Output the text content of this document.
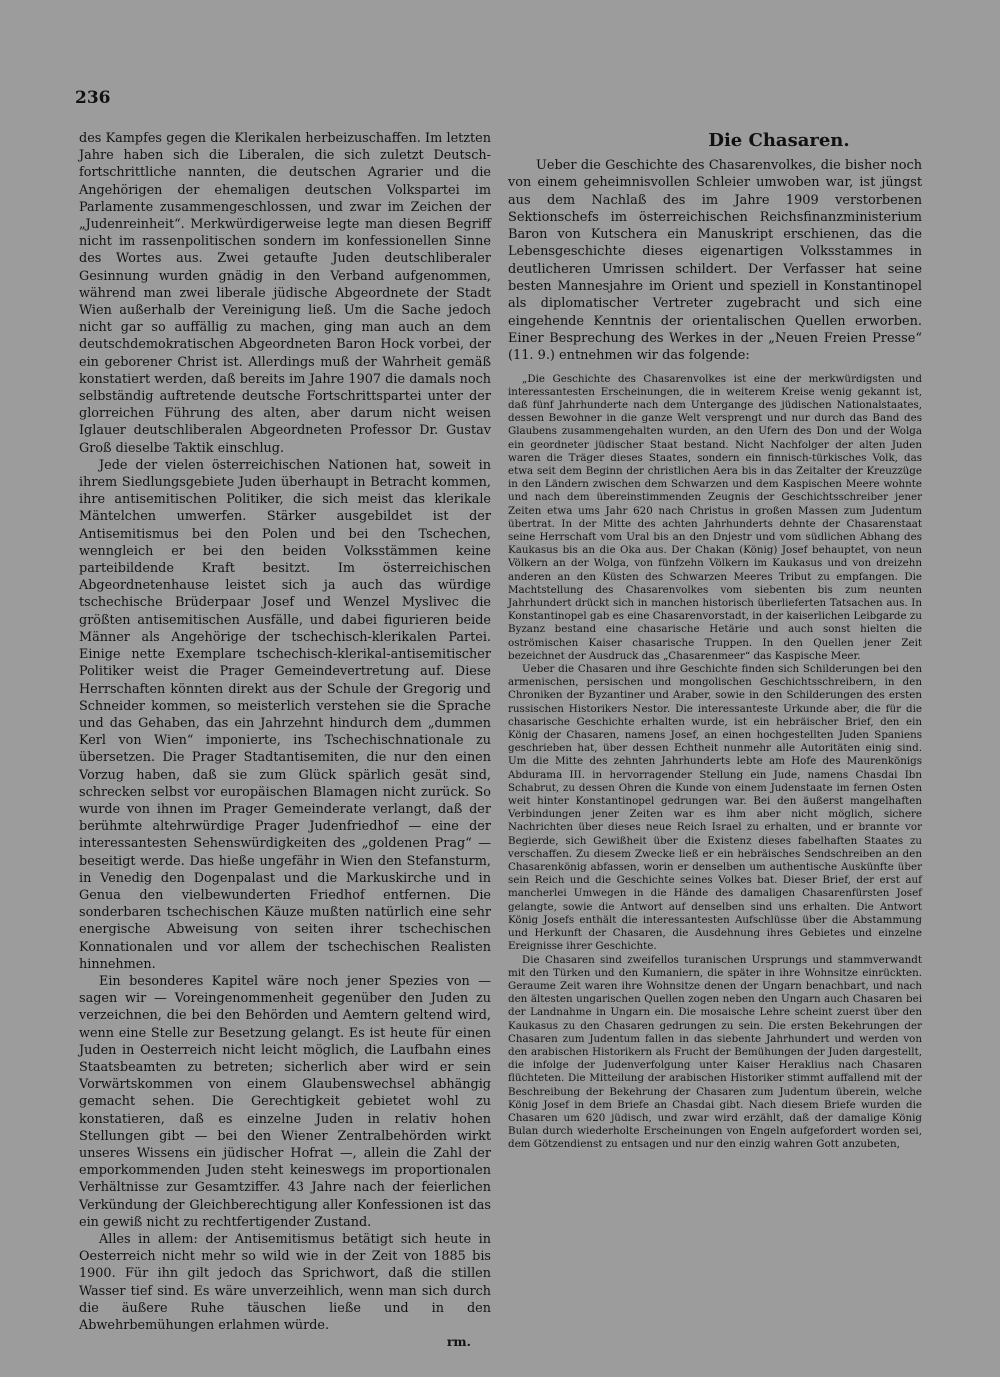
236

des Kampfes gegen die Klerikalen herbeizuschaffen. Im letzten Jahre haben sich die Liberalen, die sich zuletzt Deutsch-fortschrittliche nannten, die deutschen Agrarier und die Angehörigen der ehemaligen deutschen Volkspartei im Parlamente zusammengeschlossen, und zwar im Zeichen der „Judenreinheit“. Merkwürdigerweise legte man diesen Begriff nicht im rassenpolitischen sondern im konfessionellen Sinne des Wortes aus. Zwei getaufte Juden deutschliberaler Gesinnung wurden gnädig in den Verband aufgenommen, während man zwei liberale jüdische Abgeordnete der Stadt Wien außerhalb der Vereinigung ließ. Um die Sache jedoch nicht gar so auffällig zu machen, ging man auch an dem deutschdemokratischen Abgeordneten Baron Hock vorbei, der ein geborener Christ ist. Allerdings muß der Wahrheit gemäß konstatiert werden, daß bereits im Jahre 1907 die damals noch selbständig auftretende deutsche Fortschrittspartei unter der glorreichen Führung des alten, aber darum nicht weisen Iglauer deutschliberalen Abgeordneten Professor Dr. Gustav Groß dieselbe Taktik einschlug.

Jede der vielen österreichischen Nationen hat, soweit in ihrem Siedlungsgebiete Juden überhaupt in Betracht kommen, ihre antisemitischen Politiker, die sich meist das klerikale Mäntelchen umwerfen. Stärker ausgebildet ist der Antisemitismus bei den Polen und bei den Tschechen, wenngleich er bei den beiden Volksstämmen keine parteibildende Kraft besitzt. Im österreichischen Abgeordnetenhause leistet sich ja auch das würdige tschechische Brüderpaar Josef und Wenzel Myslivec die größten antisemitischen Ausfälle, und dabei figurieren beide Männer als Angehörige der tschechisch-klerikalen Partei. Einige nette Exemplare tschechisch-klerikal-antisemitischer Politiker weist die Prager Gemeindevertretung auf. Diese Herrschaften könnten direkt aus der Schule der Gregorig und Schneider kommen, so meisterlich verstehen sie die Sprache und das Gehaben, das ein Jahrzehnt hindurch dem „dummen Kerl von Wien“ imponierte, ins Tschechischnationale zu übersetzen. Die Prager Stadtantisemiten, die nur den einen Vorzug haben, daß sie zum Glück spärlich gesät sind, schrecken selbst vor europäischen Blamagen nicht zurück. So wurde von ihnen im Prager Gemeinderate verlangt, daß der berühmte altehrwürdige Prager Judenfriedhof — eine der interessantesten Sehenswürdigkeiten des „goldenen Prag“ — beseitigt werde. Das hieße ungefähr in Wien den Stefansturm, in Venedig den Dogenpalast und die Markuskirche und in Genua den vielbewunderten Friedhof entfernen. Die sonderbaren tschechischen Käuze mußten natürlich eine sehr energische Abweisung von seiten ihrer tschechischen Konnationalen und vor allem der tschechischen Realisten hinnehmen.

Ein besonderes Kapitel wäre noch jener Spezies von — sagen wir — Voreingenommenheit gegenüber den Juden zu verzeichnen, die bei den Behörden und Aemtern geltend wird, wenn eine Stelle zur Besetzung gelangt. Es ist heute für einen Juden in Oesterreich nicht leicht möglich, die Laufbahn eines Staatsbeamten zu betreten; sicherlich aber wird er sein Vorwärtskommen von einem Glaubenswechsel abhängig gemacht sehen. Die Gerechtigkeit gebietet wohl zu konstatieren, daß es einzelne Juden in relativ hohen Stellungen gibt — bei den Wiener Zentralbehörden wirkt unseres Wissens ein jüdischer Hofrat —, allein die Zahl der emporkommenden Juden steht keineswegs im proportionalen Verhältnisse zur Gesamtziffer. 43 Jahre nach der feierlichen Verkündung der Gleichberechtigung aller Konfessionen ist das ein gewiß nicht zu rechtfertigender Zustand.

Alles in allem: der Antisemitismus betätigt sich heute in Oesterreich nicht mehr so wild wie in der Zeit von 1885 bis 1900. Für ihn gilt jedoch das Sprichwort, daß die stillen Wasser tief sind. Es wäre unverzeihlich, wenn man sich durch die äußere Ruhe täuschen ließe und in den Abwehrbemühungen erlahmen würde.

rm.
Die Chasaren.

Ueber die Geschichte des Chasarenvolkes, die bisher noch von einem geheimnisvollen Schleier umwoben war, ist jüngst aus dem Nachlaß des im Jahre 1909 verstorbenen Sektionschefs im österreichischen Reichsfinanzministerium Baron von Kutschera ein Manuskript erschienen, das die Lebensgeschichte dieses eigenartigen Volksstammes in deutlicheren Umrissen schildert. Der Verfasser hat seine besten Mannesjahre im Orient und speziell in Konstantinopel als diplomatischer Vertreter zugebracht und sich eine eingehende Kenntnis der orientalischen Quellen erworben. Einer Besprechung des Werkes in der „Neuen Freien Presse“ (11. 9.) entnehmen wir das folgende:

„Die Geschichte des Chasarenvolkes ist eine der merkwürdigsten und interessantesten Erscheinungen, die in weiterem Kreise wenig gekannt ist, daß fünf Jahrhunderte nach dem Untergange des jüdischen Nationalstaates, dessen Bewohner in die ganze Welt versprengt und nur durch das Band des Glaubens zusammengehalten wurden, an den Ufern des Don und der Wolga ein geordneter jüdischer Staat bestand. Nicht Nachfolger der alten Juden waren die Träger dieses Staates, sondern ein finnisch-türkisches Volk, das etwa seit dem Beginn der christlichen Aera bis in das Zeitalter der Kreuzzüge in den Ländern zwischen dem Schwarzen und dem Kaspischen Meere wohnte und nach dem übereinstimmenden Zeugnis der Geschichtsschreiber jener Zeiten etwa ums Jahr 620 nach Christus in großen Massen zum Judentum übertrat. In der Mitte des achten Jahrhunderts dehnte der Chasarenstaat seine Herrschaft vom Ural bis an den Dnjestr und vom südlichen Abhang des Kaukasus bis an die Oka aus. Der Chakan (König) Josef behauptet, von neun Völkern an der Wolga, von fünfzehn Völkern im Kaukasus und von dreizehn anderen an den Küsten des Schwarzen Meeres Tribut zu empfangen. Die Machtstellung des Chasarenvolkes vom siebenten bis zum neunten Jahrhundert drückt sich in manchen historisch überlieferten Tatsachen aus. In Konstantinopel gab es eine Chasarenvorstadt, in der kaiserlichen Leibgarde zu Byzanz bestand eine chasarische Hetärie und auch sonst hielten die oströmischen Kaiser chasarische Truppen. In den Quellen jener Zeit bezeichnet der Ausdruck das „Chasarenmeer“ das Kaspische Meer.

Ueber die Chasaren und ihre Geschichte finden sich Schilderungen bei den armenischen, persischen und mongolischen Geschichtsschreibern, in den Chroniken der Byzantiner und Araber, sowie in den Schilderungen des ersten russischen Historikers Nestor. Die interessanteste Urkunde aber, die für die chasarische Geschichte erhalten wurde, ist ein hebräischer Brief, den ein König der Chasaren, namens Josef, an einen hochgestellten Juden Spaniens geschrieben hat, über dessen Echtheit nunmehr alle Autoritäten einig sind. Um die Mitte des zehnten Jahrhunderts lebte am Hofe des Maurenkönigs Abdurama III. in hervorragender Stellung ein Jude, namens Chasdai Ibn Schabrut, zu dessen Ohren die Kunde von einem Judenstaate im fernen Osten weit hinter Konstantinopel gedrungen war. Bei den äußerst mangelhaften Verbindungen jener Zeiten war es ihm aber nicht möglich, sichere Nachrichten über dieses neue Reich Israel zu erhalten, und er brannte vor Begierde, sich Gewißheit über die Existenz dieses fabelhaften Staates zu verschaffen. Zu diesem Zwecke ließ er ein hebräisches Sendschreiben an den Chasarenkönig abfassen, worin er denselben um authentische Auskünfte über sein Reich und die Geschichte seines Volkes bat. Dieser Brief, der erst auf mancherlei Umwegen in die Hände des damaligen Chasarenfürsten Josef gelangte, sowie die Antwort auf denselben sind uns erhalten. Die Antwort König Josefs enthält die interessantesten Aufschlüsse über die Abstammung und Herkunft der Chasaren, die Ausdehnung ihres Gebietes und einzelne Ereignisse ihrer Geschichte.

Die Chasaren sind zweifellos turanischen Ursprungs und stammverwandt mit den Türken und den Kumaniern, die später in ihre Wohnsitze einrückten. Geraume Zeit waren ihre Wohnsitze denen der Ungarn benachbart, und nach den ältesten ungarischen Quellen zogen neben den Ungarn auch Chasaren bei der Landnahme in Ungarn ein. Die mosaische Lehre scheint zuerst über den Kaukasus zu den Chasaren gedrungen zu sein. Die ersten Bekehrungen der Chasaren zum Judentum fallen in das siebente Jahrhundert und werden von den arabischen Historikern als Frucht der Bemühungen der Juden dargestellt, die infolge der Judenverfolgung unter Kaiser Heraklius nach Chasaren flüchteten. Die Mitteilung der arabischen Historiker stimmt auffallend mit der Beschreibung der Bekehrung der Chasaren zum Judentum überein, welche König Josef in dem Briefe an Chasdai gibt. Nach diesem Briefe wurden die Chasaren um 620 jüdisch, und zwar wird erzählt, daß der damalige König Bulan durch wiederholte Erscheinungen von Engeln aufgefordert worden sei, dem Götzendienst zu entsagen und nur den einzig wahren Gott anzubeten,
